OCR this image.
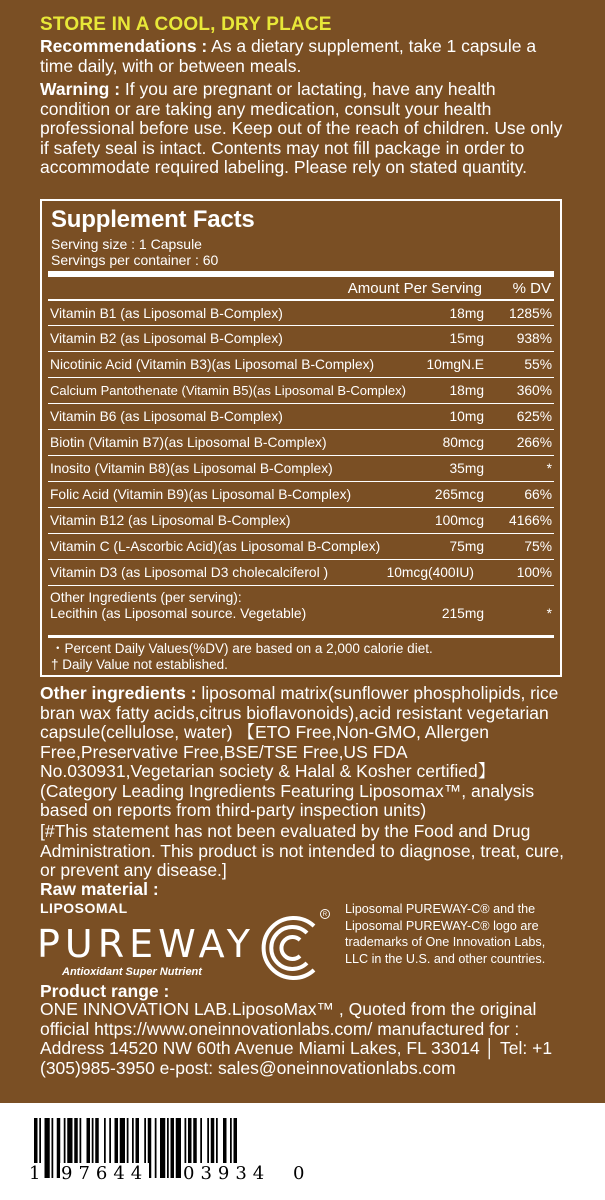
STORE IN A COOL, DRY PLACE
Recommendations : As a dietary supplement, take 1 capsule a time daily, with or between meals.
Warning : If you are pregnant or lactating, have any health condition or are taking any medication, consult your health professional before use. Keep out of the reach of children. Use only if safety seal is intact. Contents may not fill package in order to accommodate required labeling. Please rely on stated quantity.
Supplement Facts
Serving size : 1 Capsule
Servings per container : 60
Amount Per Serving % DV
Vitamin B1 (as Liposomal B-Complex)	18mg 1285%
Vitamin B2 (as Liposomal B-Complex)	15mg 938%
Nicotinic Acid (Vitamin B3)(as Liposomal B-Complex)	10mgN.E	55%
Calcium Pantothenate (Vitamin B5)(as Liposomal B-Complex)	18mg 360%
Vitamin B6 (as Liposomal B-Complex)	10mg 625%
Biotin (Vitamin B7)(as Liposomal B-Complex)	80mcg 266%
Inosito (Vitamin B8)(as Liposomal B-Complex)	35mg	*
Folic Acid (Vitamin B9)(as Liposomal B-Complex)	265mcg	66%
Vitamin B12 (as Liposomal B-Complex)	100mcg 4166%
Vitamin C (L-Ascorbic Acid)(as Liposomal B-Complex)	75mg	75%
Vitamin D3 (as Liposomal D3 cholecalciferol )	10mcg(400IU)	100%
Other Ingredients (per serving):
Lecithin (as Liposomal source. Vegetable)	215mg	*
・Percent Daily Values(%DV) are based on a 2,000 calorie diet.
† Daily Value not established.
Other ingredients : liposomal matrix(sunflower phospholipids, rice bran wax fatty acids,citrus bioflavonoids),acid resistant vegetarian capsule(cellulose, water) 【ETO Free,Non-GMO, Allergen Free,Preservative Free,BSE/TSE Free,US FDA No.030931,Vegetarian society & Halal & Kosher certified】(Category Leading Ingredients Featuring Liposomax™, analysis based on reports from third-party inspection units)
[#This statement has not been evaluated by the Food and Drug Administration. This product is not intended to diagnose, treat, cure, or prevent any disease.]
Raw material :
LIPOSOMAL
PUREWAY
Antioxidant Super Nutrient
R Liposomal PUREWAY-C® and the Liposomal PUREWAY-C® logo are trademarks of One Innovation Labs, LLC in the U.S. and other countries.
Product range :
ONE INNOVATION LAB.LiposoMax™ , Quoted from the original official https://www.oneinnovationlabs.com/ manufactured for : Address 14520 NW 60th Avenue Miami Lakes, FL 33014 │ Tel: +1 (305)985-3950 e-post: sales@oneinnovationlabs.com
1 97644 03934 0
